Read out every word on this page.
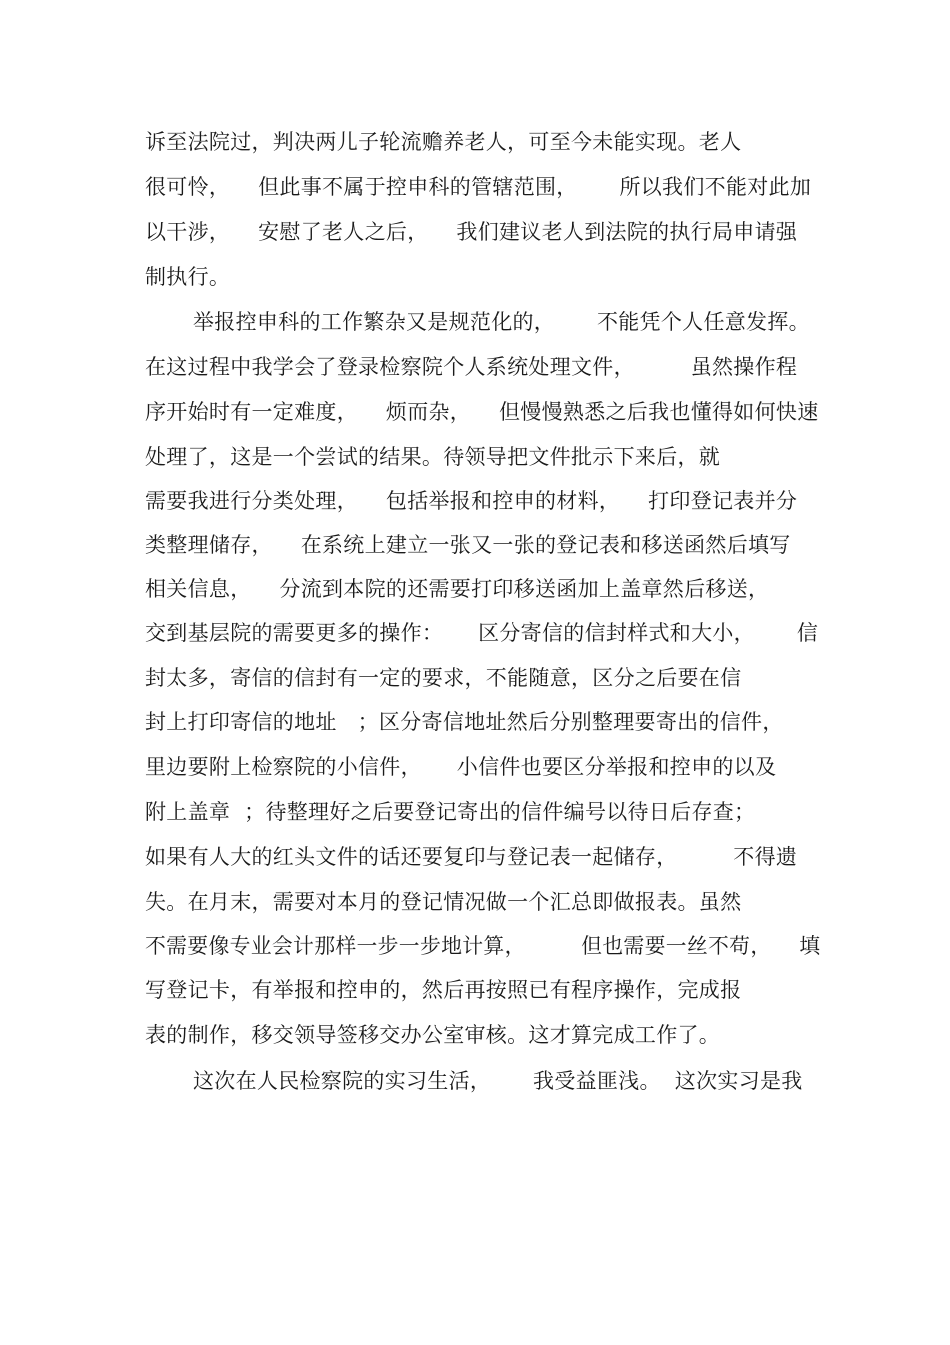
诉至法院过，判决两儿子轮流赡养老人，可至今未能实现。老人
很可怜，    但此事不属于控申科的管辖范围，      所以我们不能对此加
以干涉，    安慰了老人之后，    我们建议老人到法院的执行局申请强
制执行。
举报控申科的工作繁杂又是规范化的，      不能凭个人任意发挥。
在这过程中我学会了登录检察院个人系统处理文件，        虽然操作程
序开始时有一定难度，    烦而杂，    但慢慢熟悉之后我也懂得如何快速
处理了，这是一个尝试的结果。待领导把文件批示下来后，就
需要我进行分类处理，    包括举报和控申的材料，    打印登记表并分
类整理储存，    在系统上建立一张又一张的登记表和移送函然后填写
相关信息，    分流到本院的还需要打印移送函加上盖章然后移送，
交到基层院的需要更多的操作：     区分寄信的信封样式和大小，      信
封太多，寄信的信封有一定的要求，不能随意，区分之后要在信
封上打印寄信的地址   ；区分寄信地址然后分别整理要寄出的信件，
里边要附上检察院的小信件，     小信件也要区分举报和控申的以及
附上盖章  ；待整理好之后要登记寄出的信件编号以待日后存查；
如果有人大的红头文件的话还要复印与登记表一起储存，        不得遗
失。在月末，需要对本月的登记情况做一个汇总即做报表。虽然
不需要像专业会计那样一步一步地计算，        但也需要一丝不苟，    填
写登记卡，有举报和控申的，然后再按照已有程序操作，完成报
表的制作，移交领导签移交办公室审核。这才算完成工作了。
这次在人民检察院的实习生活，      我受益匪浅。  这次实习是我
